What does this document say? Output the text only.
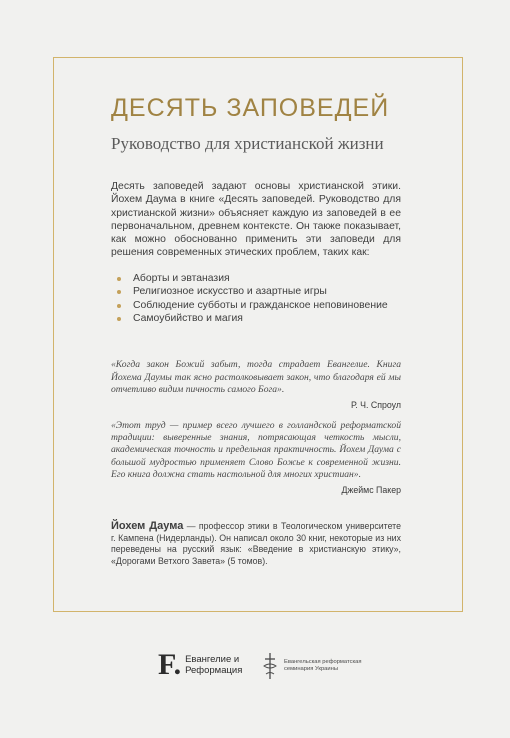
ДЕСЯТЬ ЗАПОВЕДЕЙ
Руководство для христианской жизни

Десять заповедей задают основы христианской этики. Йохем Даума в книге «Десять заповедей. Руководство для христианской жизни» объясняет каждую из заповедей в ее первоначальном, древнем контексте. Он также показывает, как можно обоснованно применить эти заповеди для решения современных этических проблем, таких как:

Аборты и эвтаназия
Религиозное искусство и азартные игры
Соблюдение субботы и гражданское неповиновение
Самоубийство и магия

«Когда закон Божий забыт, тогда страдает Евангелие. Книга Йохема Даумы так ясно растолковывает закон, что благодаря ей мы отчетливо видим пичность самого Бога».

Р. Ч. Спроул

«Этот труд — пример всего лучшего в голландской реформатской традиции: выверенные знания, потрясающая четкость мысли, академическая точность и предельная практичность. Йохем Даума с большой мудростью применяет Слово Божье к современной жизни. Его книга должна стать настольной для многих христиан».

Джеймс Пакер

Йохем Даума — профессор этики в Теологическом университете г. Кампена (Нидерланды). Он написал около 30 книг, некоторые из них переведены на русский язык: «Введение в христианскую этику», «Дорогами Ветхого Завета» (5 томов).
F. Евангелие и
Реформация
Евангельская реформатская
семинария Украины
